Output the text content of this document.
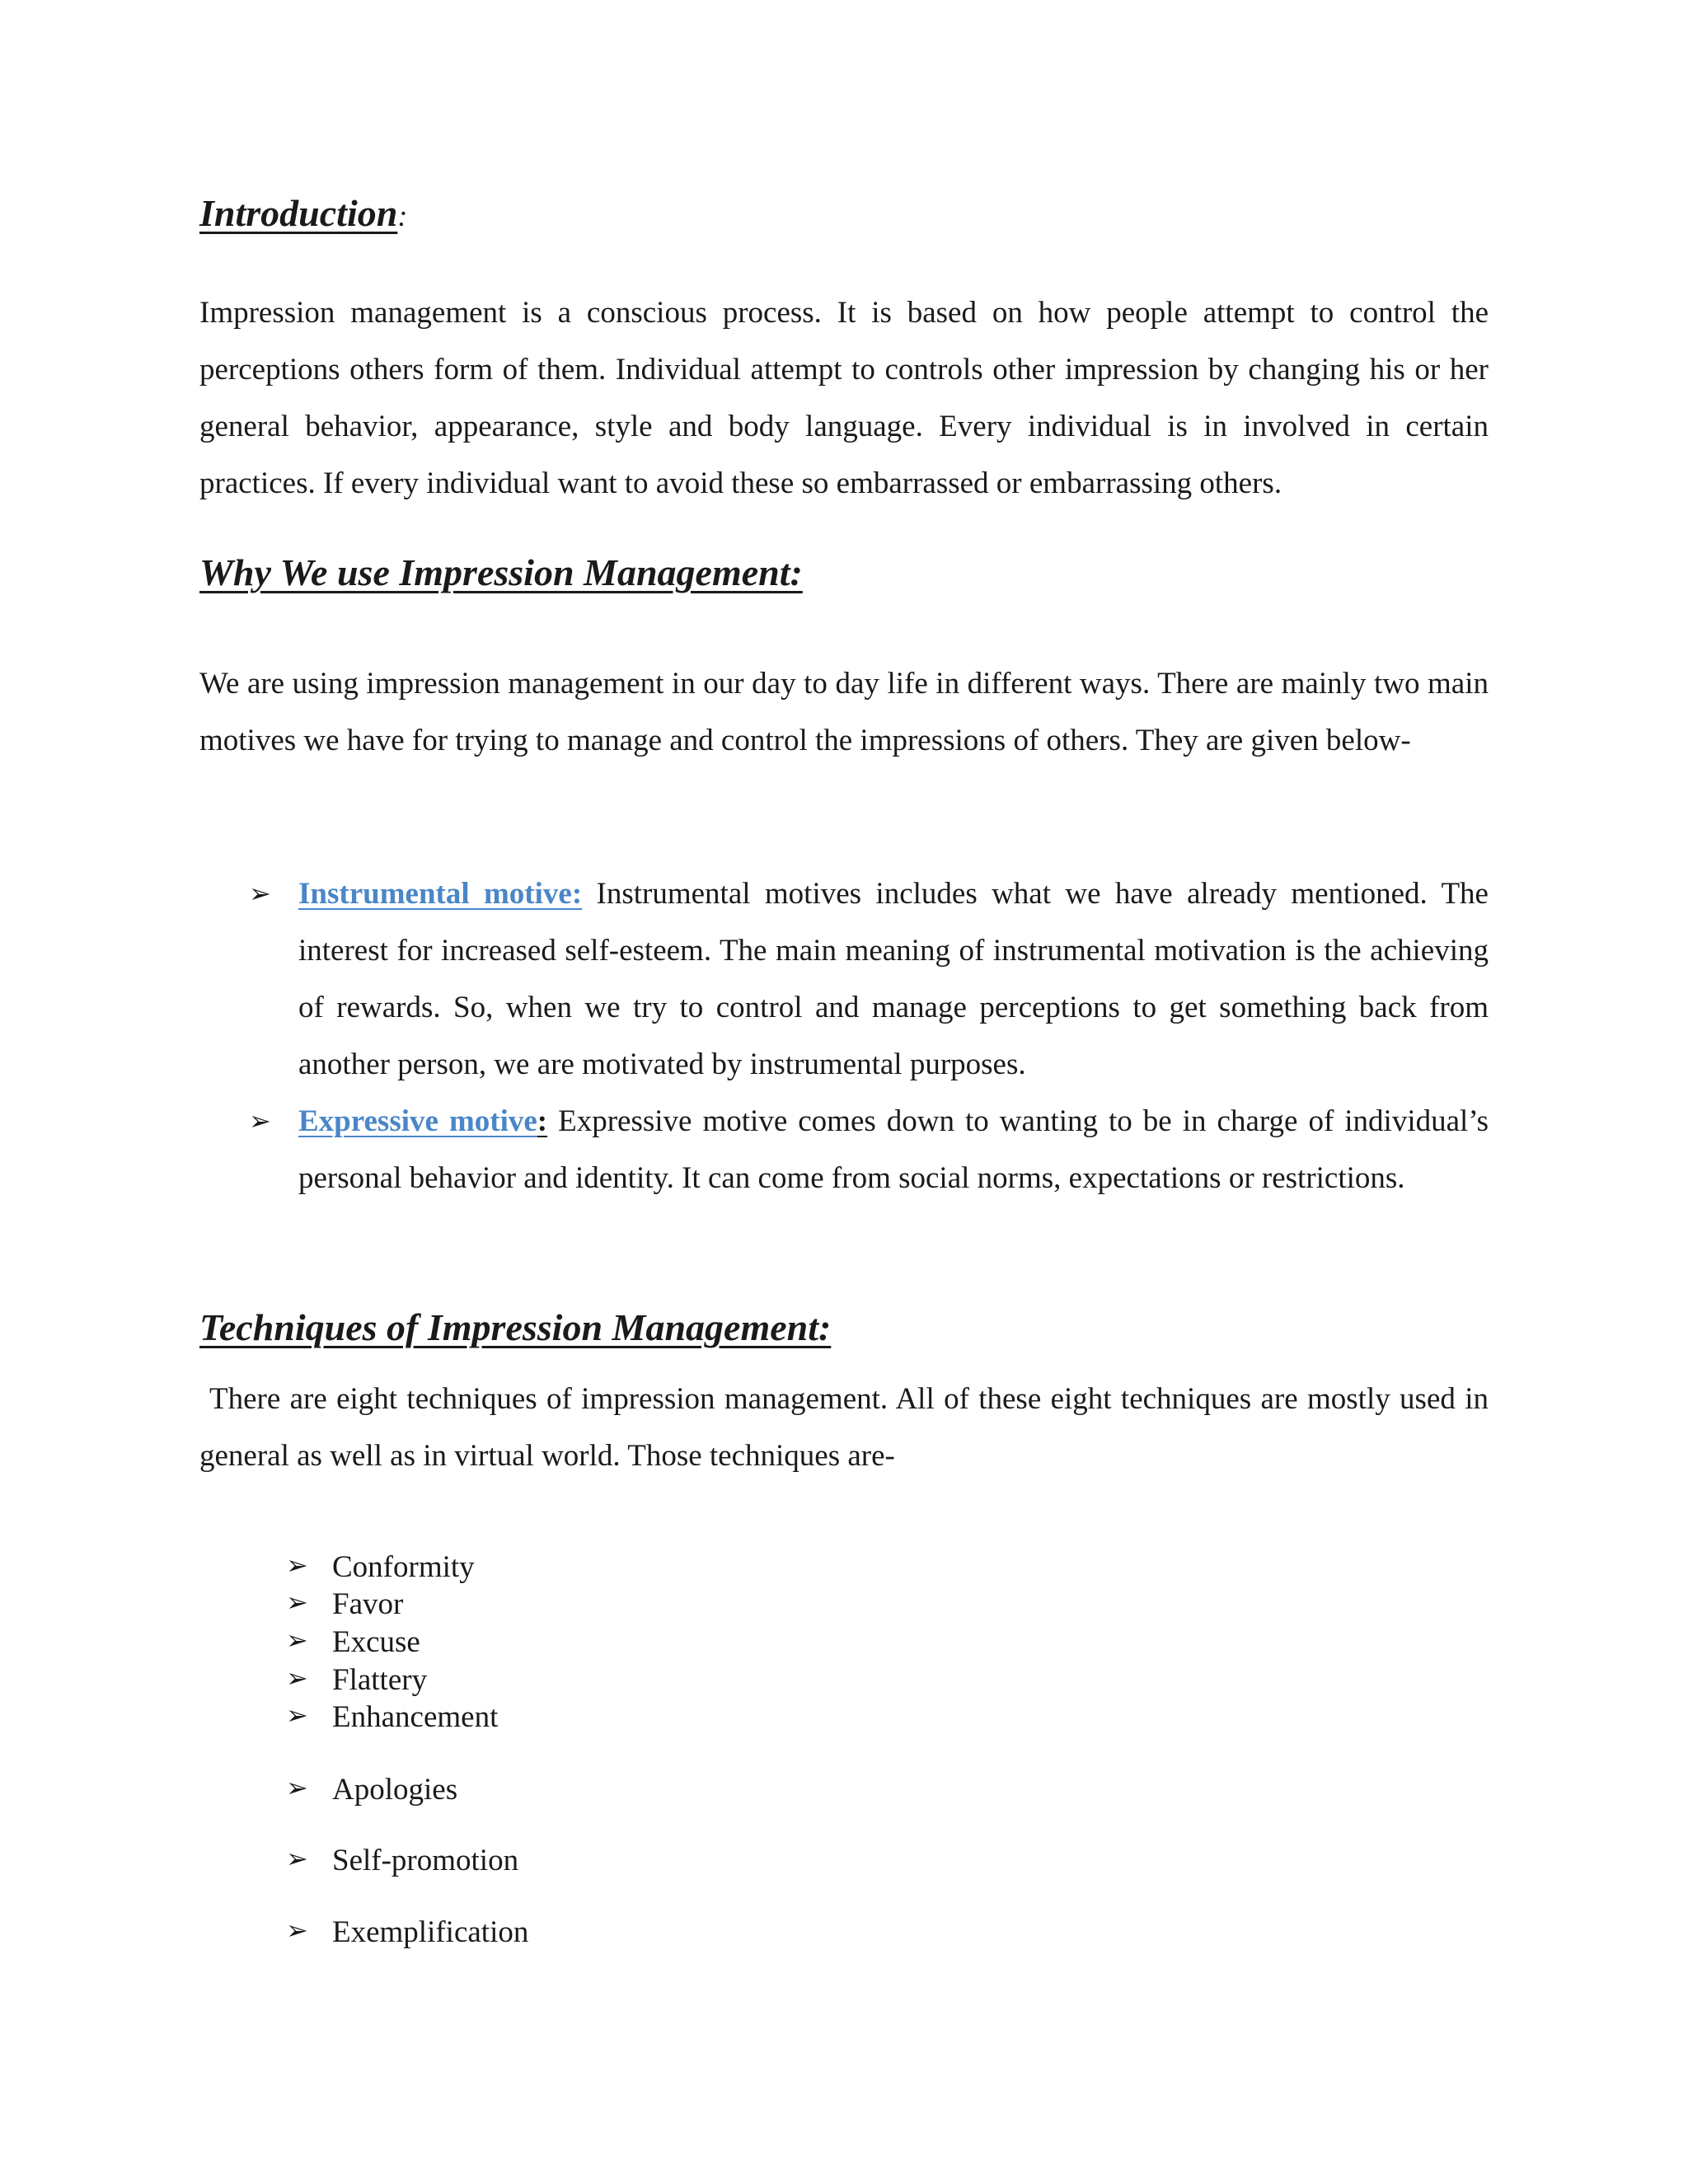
Introduction:

Impression management is a conscious process. It is based on how people attempt to control the perceptions others form of them. Individual attempt to controls other impression by changing his or her general behavior, appearance, style and body language. Every individual is in involved in certain practices. If every individual want to avoid these so embarrassed or embarrassing others.

Why We use Impression Management:

We are using impression management in our day to day life in different ways. There are mainly two main motives we have for trying to manage and control the impressions of others. They are given below-

➢ Instrumental motive: Instrumental motives includes what we have already mentioned. The interest for increased self-esteem. The main meaning of instrumental motivation is the achieving of rewards. So, when we try to control and manage perceptions to get something back from another person, we are motivated by instrumental purposes.
➢ Expressive motive: Expressive motive comes down to wanting to be in charge of individual’s personal behavior and identity. It can come from social norms, expectations or restrictions.
Techniques of Impression Management:

There are eight techniques of impression management. All of these eight techniques are mostly used in general as well as in virtual world. Those techniques are-

➢ Conformity
➢ Favor
➢ Excuse
➢ Flattery
➢ Enhancement
➢ Apologies
➢ Self-promotion
➢ Exemplification
